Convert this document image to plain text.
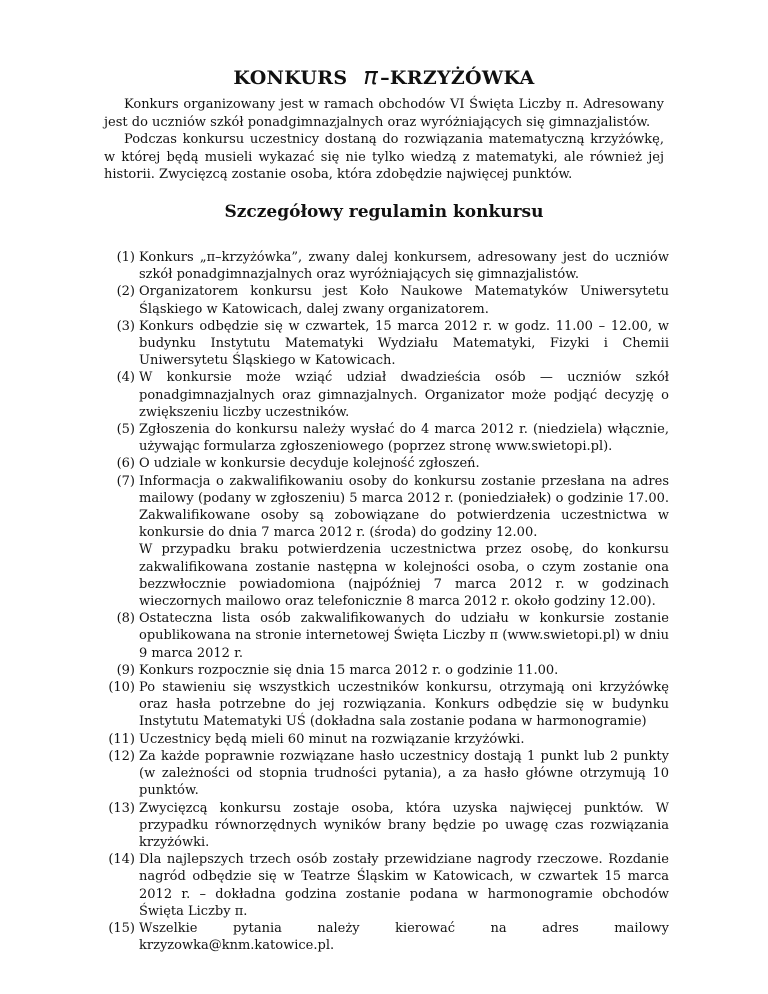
KONKURS π –KRZYŻÓWKA

Konkurs organizowany jest w ramach obchodów VI Święta Liczby π. Adresowany jest do uczniów szkół ponadgimnazjalnych oraz wyróżniających się gimnazjalistów.

Podczas konkursu uczestnicy dostaną do rozwiązania matematyczną krzyżówkę, w której będą musieli wykazać się nie tylko wiedzą z matematyki, ale również jej historii. Zwycięzcą zostanie osoba, która zdobędzie najwięcej punktów.

Szczegółowy regulamin konkursu
(1) Konkurs „π–krzyżówka”, zwany dalej konkursem, adresowany jest do uczniów szkół ponadgimnazjalnych oraz wyróżniających się gimnazjalistów.
(2) Organizatorem konkursu jest Koło Naukowe Matematyków Uniwersytetu Śląskiego w Katowicach, dalej zwany organizatorem.
(3) Konkurs odbędzie się w czwartek, 15 marca 2012 r. w godz. 11.00 – 12.00, w budynku Instytutu Matematyki Wydziału Matematyki, Fizyki i Chemii Uniwersytetu Śląskiego w Katowicach.
(4) W konkursie może wziąć udział dwadzieścia osób — uczniów szkół ponadgimnazjalnych oraz gimnazjalnych. Organizator może podjąć decyzję o zwiększeniu liczby uczestników.
(5) Zgłoszenia do konkursu należy wysłać do 4 marca 2012 r. (niedziela) włącznie, używając formularza zgłoszeniowego (poprzez stronę www.swietopi.pl).
(6) O udziale w konkursie decyduje kolejność zgłoszeń.
(7) Informacja o zakwalifikowaniu osoby do konkursu zostanie przesłana na adres mailowy (podany w zgłoszeniu) 5 marca 2012 r. (poniedziałek) o godzinie 17.00. Zakwalifikowane osoby są zobowiązane do potwierdzenia uczestnictwa w konkursie do dnia 7 marca 2012 r. (środa) do godziny 12.00.
W przypadku braku potwierdzenia uczestnictwa przez osobę, do konkursu zakwalifikowana zostanie następna w kolejności osoba, o czym zostanie ona bezzwłocznie powiadomiona (najpóźniej 7 marca 2012 r. w godzinach wieczornych mailowo oraz telefonicznie 8 marca 2012 r. około godziny 12.00).
(8) Ostateczna lista osób zakwalifikowanych do udziału w konkursie zostanie opublikowana na stronie internetowej Święta Liczby π (www.swietopi.pl) w dniu 9 marca 2012 r.
(9) Konkurs rozpocznie się dnia 15 marca 2012 r. o godzinie 11.00.
(10) Po stawieniu się wszystkich uczestników konkursu, otrzymają oni krzyżówkę oraz hasła potrzebne do jej rozwiązania. Konkurs odbędzie się w budynku Instytutu Matematyki UŚ (dokładna sala zostanie podana w harmonogramie)
(11) Uczestnicy będą mieli 60 minut na rozwiązanie krzyżówki.
(12) Za każde poprawnie rozwiązane hasło uczestnicy dostają 1 punkt lub 2 punkty (w zależności od stopnia trudności pytania), a za hasło główne otrzymują 10 punktów.
(13) Zwycięzcą konkursu zostaje osoba, która uzyska najwięcej punktów. W przypadku równorzędnych wyników brany będzie po uwagę czas rozwiązania krzyżówki.
(14) Dla najlepszych trzech osób zostały przewidziane nagrody rzeczowe. Rozdanie nagród odbędzie się w Teatrze Śląskim w Katowicach, w czwartek 15 marca 2012 r. – dokładna godzina zostanie podana w harmonogramie obchodów Święta Liczby π.
(15) Wszelkie pytania należy kierować na adres mailowy krzyzowka@knm.katowice.pl.
